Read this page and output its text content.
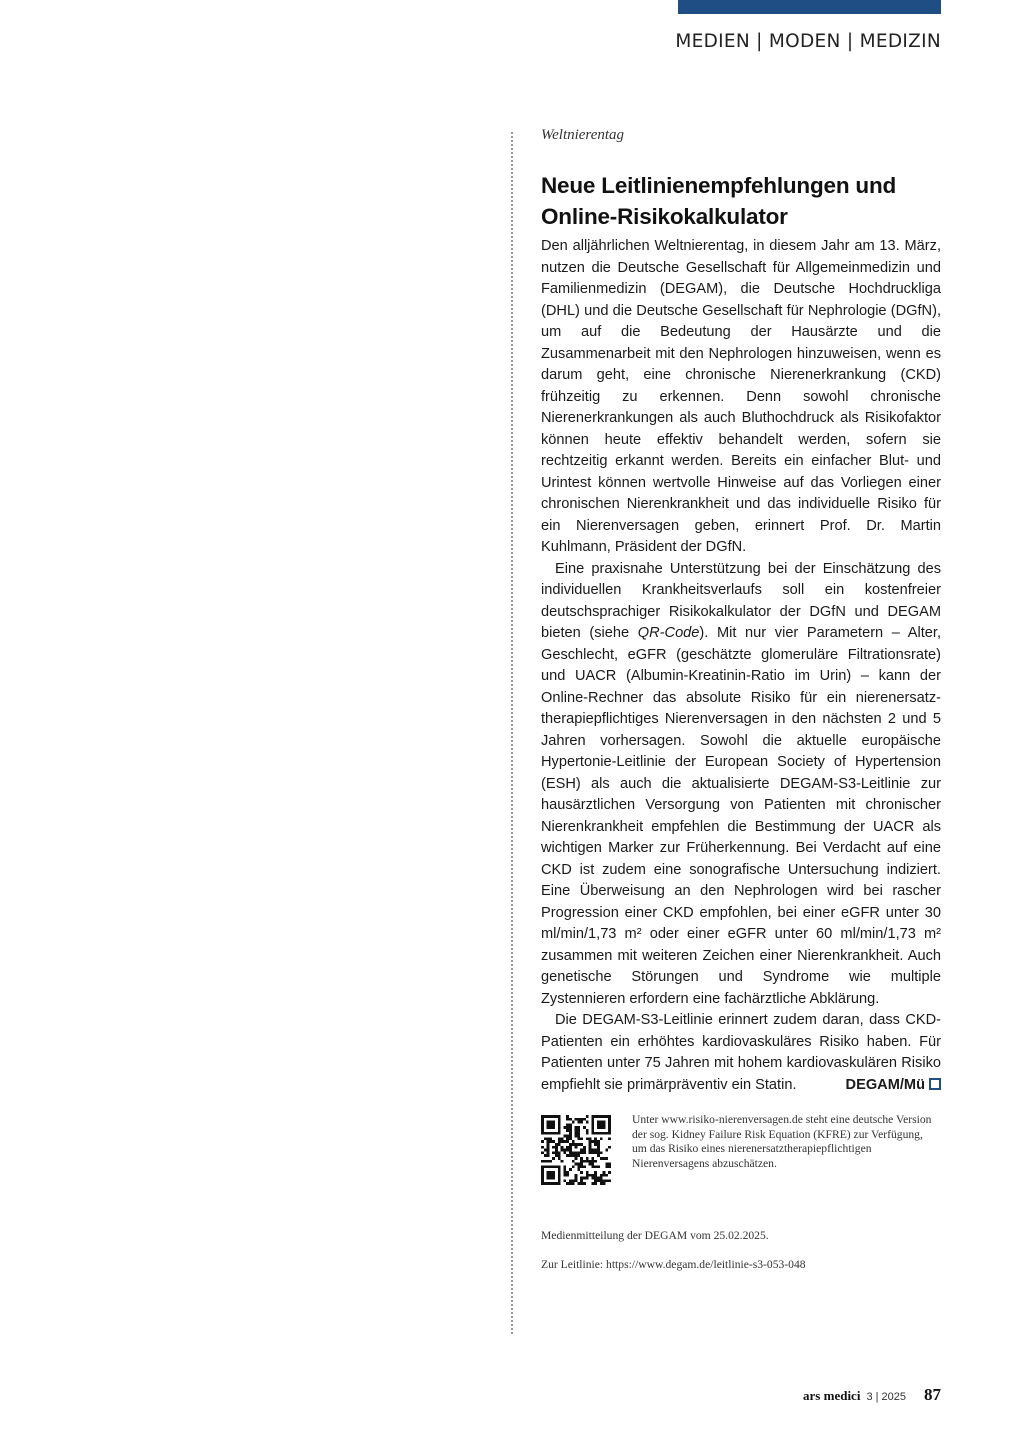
MEDIEN | MODEN | MEDIZIN
Weltnierentag
Neue Leitlinienempfehlungen und
Online-Risikokalkulator

Den alljährlichen Weltnierentag, in diesem Jahr am 13. März, nutzen die Deutsche Gesellschaft für Allgemeinmedizin und Familienmedizin (DEGAM), die Deutsche Hochdruckliga (DHL) und die Deutsche Gesellschaft für Nephrologie (DGfN), um auf die Bedeutung der Hausärzte und die Zusammenarbeit mit den Nephrologen hinzuweisen, wenn es darum geht, eine chronische Nierenerkrankung (CKD) frühzeitig zu erkennen. Denn sowohl chronische Nierenerkrankungen als auch Bluthochdruck als Risikofaktor können heute effektiv behandelt werden, sofern sie rechtzeitig erkannt werden. Bereits ein einfacher Blut- und Urintest können wertvolle Hinweise auf das Vorliegen einer chronischen Nierenkrankheit und das individuelle Risiko für ein Nierenversagen geben, erinnert Prof. Dr. Martin Kuhlmann, Präsident der DGfN.

Eine praxisnahe Unterstützung bei der Einschätzung des individuellen Krankheitsverlaufs soll ein kostenfreier deutschsprachiger Risikokalkulator der DGfN und DEGAM bieten (siehe QR-Code). Mit nur vier Parametern – Alter, Geschlecht, eGFR (geschätzte glomeruläre Filtrationsrate) und UACR (Albumin-Kreatinin-Ratio im Urin) – kann der Online-Rechner das absolute Risiko für ein nierenersatztherapiepflichtiges Nierenversagen in den nächsten 2 und 5 Jahren vorhersagen. Sowohl die aktuelle europäische Hypertonie-Leitlinie der European Society of Hypertension (ESH) als auch die aktualisierte DEGAM-S3-Leitlinie zur hausärztlichen Versorgung von Patienten mit chronischer Nierenkrankheit empfehlen die Bestimmung der UACR als wichtigen Marker zur Früherkennung. Bei Verdacht auf eine CKD ist zudem eine sonografische Untersuchung indiziert. Eine Überweisung an den Nephrologen wird bei rascher Progression einer CKD empfohlen, bei einer eGFR unter 30 ml/min/1,73 m² oder einer eGFR unter 60 ml/min/1,73 m² zusammen mit weiteren Zeichen einer Nierenkrankheit. Auch genetische Störungen und Syndrome wie multiple Zystennieren erfordern eine fachärztliche Abklärung.

Die DEGAM-S3-Leitlinie erinnert zudem daran, dass CKD-Patienten ein erhöhtes kardiovaskuläres Risiko haben. Für Patienten unter 75 Jahren mit hohem kardiovaskulären Risiko empfiehlt sie primärpräventiv ein Statin.	DEGAM/Mü

Unter www.risiko-nierenversagen.de steht eine deutsche Version der sog. Kidney Failure Risk Equation (KFRE) zur Verfügung, um das Risiko eines nierenersatztherapiepflichtigen Nierenversagens abzuschätzen.
Medienmitteilung der DEGAM vom 25.02.2025.
Zur Leitlinie: https://www.degam.de/leitlinie-s3-053-048
ars medici 3 | 2025 87
